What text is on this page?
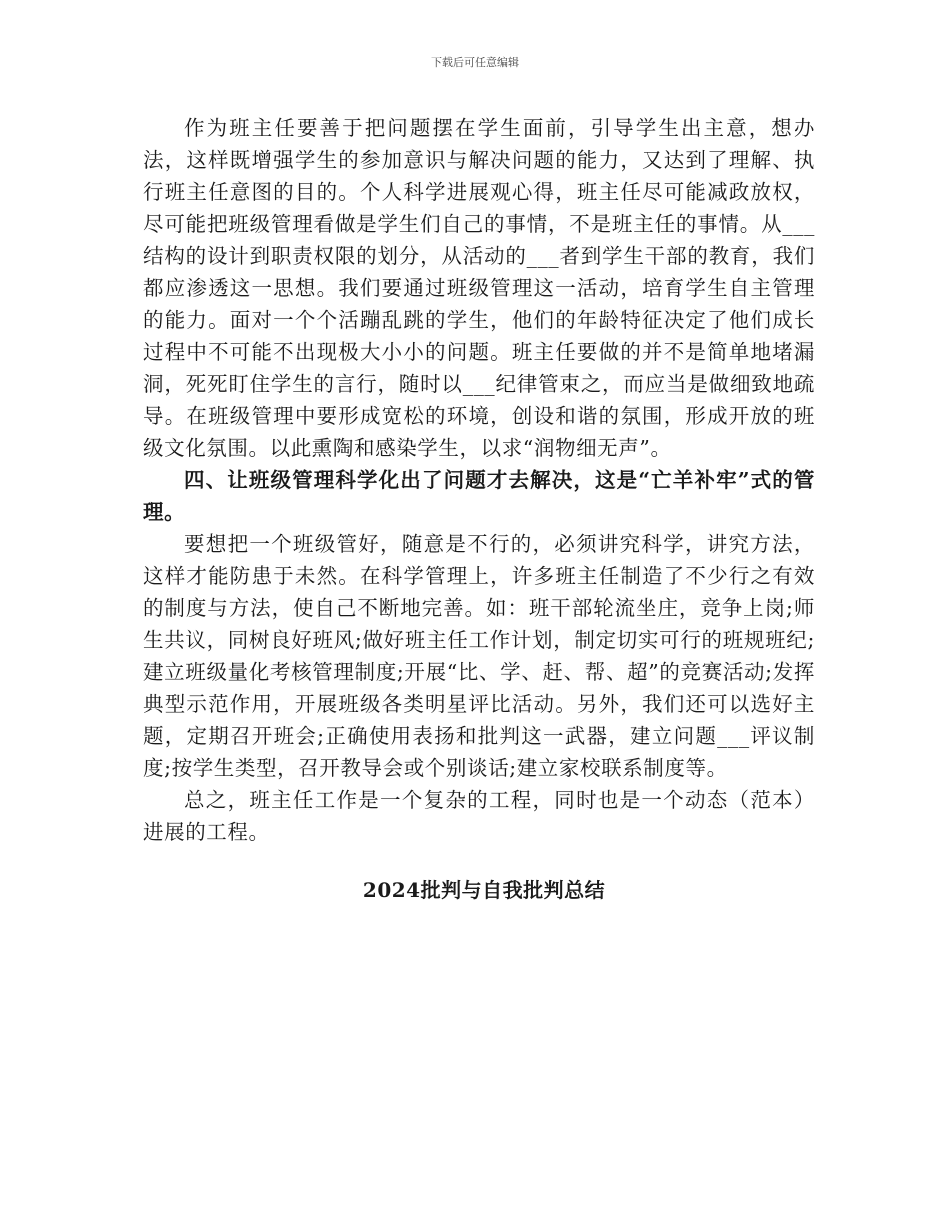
下载后可任意编辑

作为班主任要善于把问题摆在学生面前，引导学生出主意，想办法，这样既增强学生的参加意识与解决问题的能力，又达到了理解、执行班主任意图的目的。个人科学进展观心得，班主任尽可能减政放权，尽可能把班级管理看做是学生们自己的事情，不是班主任的事情。从___结构的设计到职责权限的划分，从活动的___者到学生干部的教育，我们都应渗透这一思想。我们要通过班级管理这一活动，培育学生自主管理的能力。面对一个个活蹦乱跳的学生，他们的年龄特征决定了他们成长过程中不可能不出现极大小小的问题。班主任要做的并不是简单地堵漏洞，死死盯住学生的言行，随时以___纪律管束之，而应当是做细致地疏导。在班级管理中要形成宽松的环境，创设和谐的氛围，形成开放的班级文化氛围。以此熏陶和感染学生，以求“润物细无声”。

四、让班级管理科学化出了问题才去解决，这是“亡羊补牢”式的管理。

要想把一个班级管好，随意是不行的，必须讲究科学，讲究方法，这样才能防患于未然。在科学管理上，许多班主任制造了不少行之有效的制度与方法，使自己不断地完善。如：班干部轮流坐庄，竞争上岗;师生共议，同树良好班风;做好班主任工作计划，制定切实可行的班规班纪;建立班级量化考核管理制度;开展“比、学、赶、帮、超”的竞赛活动;发挥典型示范作用，开展班级各类明星评比活动。另外，我们还可以选好主题，定期召开班会;正确使用表扬和批判这一武器，建立问题___评议制度;按学生类型，召开教导会或个别谈话;建立家校联系制度等。

总之，班主任工作是一个复杂的工程，同时也是一个动态（范本）进展的工程。

2024批判与自我批判总结
